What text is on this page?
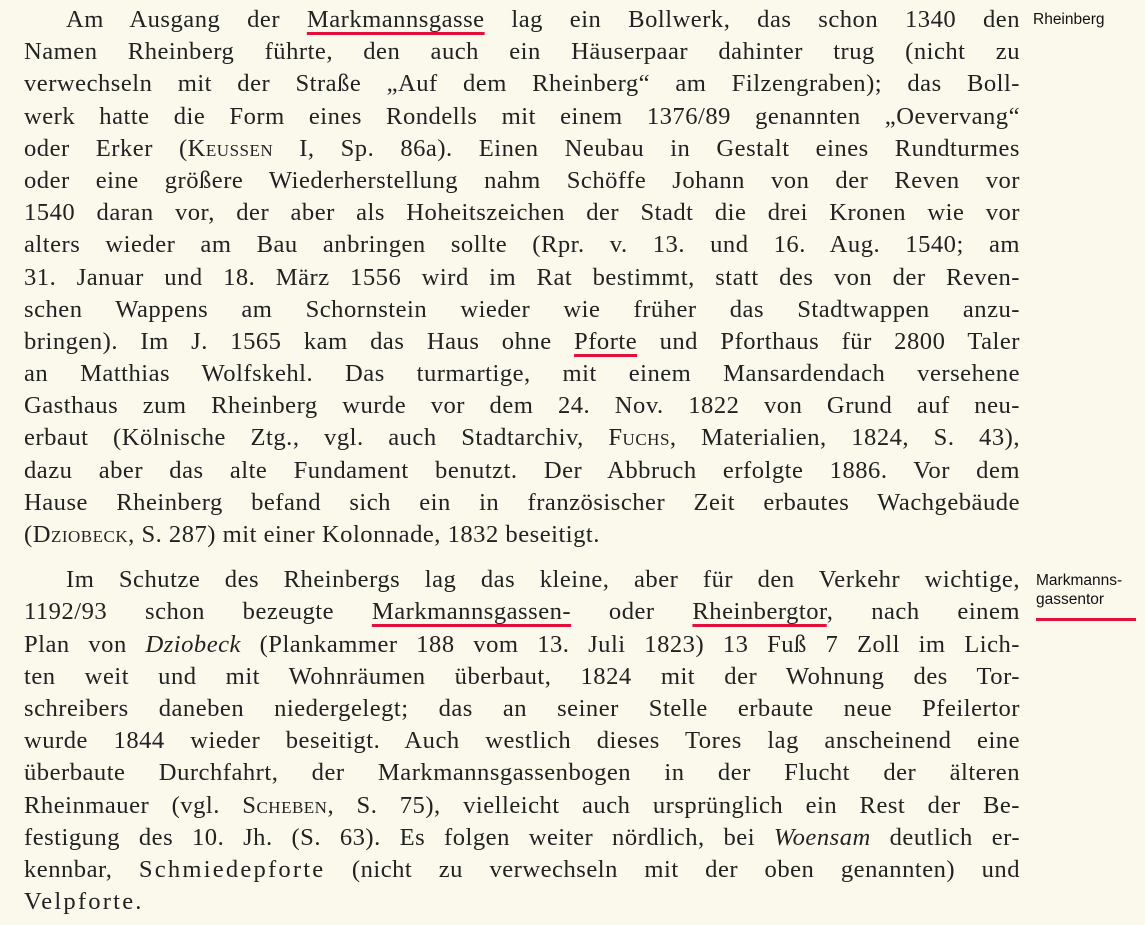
Am Ausgang der Markmannsgasse lag ein Bollwerk, das schon 1340 den
Namen Rheinberg führte, den auch ein Häuserpaar dahinter trug (nicht zu
verwechseln mit der Straße „Auf dem Rheinberg“ am Filzengraben); das Boll-
werk hatte die Form eines Rondells mit einem 1376/89 genannten „Oevervang“
oder Erker (Keussen I, Sp. 86a). Einen Neubau in Gestalt eines Rundturmes
oder eine größere Wiederherstellung nahm Schöffe Johann von der Reven vor
1540 daran vor, der aber als Hoheitszeichen der Stadt die drei Kronen wie vor
alters wieder am Bau anbringen sollte (Rpr. v. 13. und 16. Aug. 1540; am
31. Januar und 18. März 1556 wird im Rat bestimmt, statt des von der Reven-
schen Wappens am Schornstein wieder wie früher das Stadtwappen anzu-
bringen). Im J. 1565 kam das Haus ohne Pforte und Pforthaus für 2800 Taler
an Matthias Wolfskehl. Das turmartige, mit einem Mansardendach versehene
Gasthaus zum Rheinberg wurde vor dem 24. Nov. 1822 von Grund auf neu-
erbaut (Kölnische Ztg., vgl. auch Stadtarchiv, Fuchs, Materialien, 1824, S. 43),
dazu aber das alte Fundament benutzt. Der Abbruch erfolgte 1886. Vor dem
Hause Rheinberg befand sich ein in französischer Zeit erbautes Wachgebäude
(Dziobeck, S. 287) mit einer Kolonnade, 1832 beseitigt.
Im Schutze des Rheinbergs lag das kleine, aber für den Verkehr wichtige,
1192/93 schon bezeugte Markmannsgassen- oder Rheinbergtor, nach einem
Plan von Dziobeck (Plankammer 188 vom 13. Juli 1823) 13 Fuß 7 Zoll im Lich-
ten weit und mit Wohnräumen überbaut, 1824 mit der Wohnung des Tor-
schreibers daneben niedergelegt; das an seiner Stelle erbaute neue Pfeilertor
wurde 1844 wieder beseitigt. Auch westlich dieses Tores lag anscheinend eine
überbaute Durchfahrt, der Markmannsgassenbogen in der Flucht der älteren
Rheinmauer (vgl. Scheben, S. 75), vielleicht auch ursprünglich ein Rest der Be-
festigung des 10. Jh. (S. 63). Es folgen weiter nördlich, bei Woensam deutlich er-
kennbar, Schmiedepforte (nicht zu verwechseln mit der oben genannten) und
Velpforte.
Rheinberg
Markmanns-
gassentor
